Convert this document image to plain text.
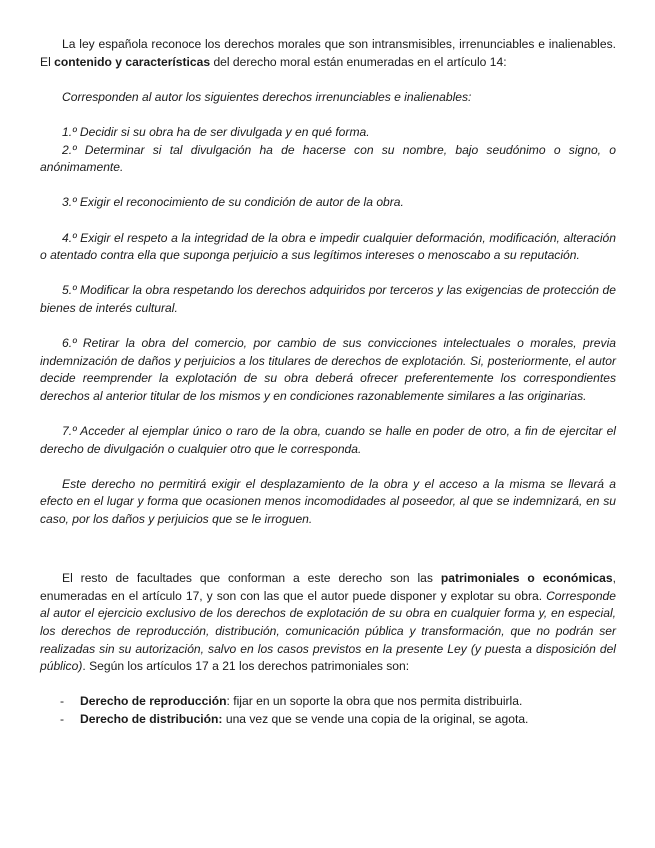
La ley española reconoce los derechos morales que son intransmisibles, irrenunciables e inalienables. El contenido y características del derecho moral están enumeradas en el artículo 14:

Corresponden al autor los siguientes derechos irrenunciables e inalienables:

1.º Decidir si su obra ha de ser divulgada y en qué forma.

2.º Determinar si tal divulgación ha de hacerse con su nombre, bajo seudónimo o signo, o anónimamente.

3.º Exigir el reconocimiento de su condición de autor de la obra.

4.º Exigir el respeto a la integridad de la obra e impedir cualquier deformación, modificación, alteración o atentado contra ella que suponga perjuicio a sus legítimos intereses o menoscabo a su reputación.

5.º Modificar la obra respetando los derechos adquiridos por terceros y las exigencias de protección de bienes de interés cultural.

6.º Retirar la obra del comercio, por cambio de sus convicciones intelectuales o morales, previa indemnización de daños y perjuicios a los titulares de derechos de explotación. Si, posteriormente, el autor decide reemprender la explotación de su obra deberá ofrecer preferentemente los correspondientes derechos al anterior titular de los mismos y en condiciones razonablemente similares a las originarias.

7.º Acceder al ejemplar único o raro de la obra, cuando se halle en poder de otro, a fin de ejercitar el derecho de divulgación o cualquier otro que le corresponda.

Este derecho no permitirá exigir el desplazamiento de la obra y el acceso a la misma se llevará a efecto en el lugar y forma que ocasionen menos incomodidades al poseedor, al que se indemnizará, en su caso, por los daños y perjuicios que se le irroguen.

El resto de facultades que conforman a este derecho son las patrimoniales o económicas, enumeradas en el artículo 17, y son con las que el autor puede disponer y explotar su obra. Corresponde al autor el ejercicio exclusivo de los derechos de explotación de su obra en cualquier forma y, en especial, los derechos de reproducción, distribución, comunicación pública y transformación, que no podrán ser realizadas sin su autorización, salvo en los casos previstos en la presente Ley (y puesta a disposición del público). Según los artículos 17 a 21 los derechos patrimoniales son:

- Derecho de reproducción: fijar en un soporte la obra que nos permita distribuirla.
- Derecho de distribución: una vez que se vende una copia de la original, se agota.
